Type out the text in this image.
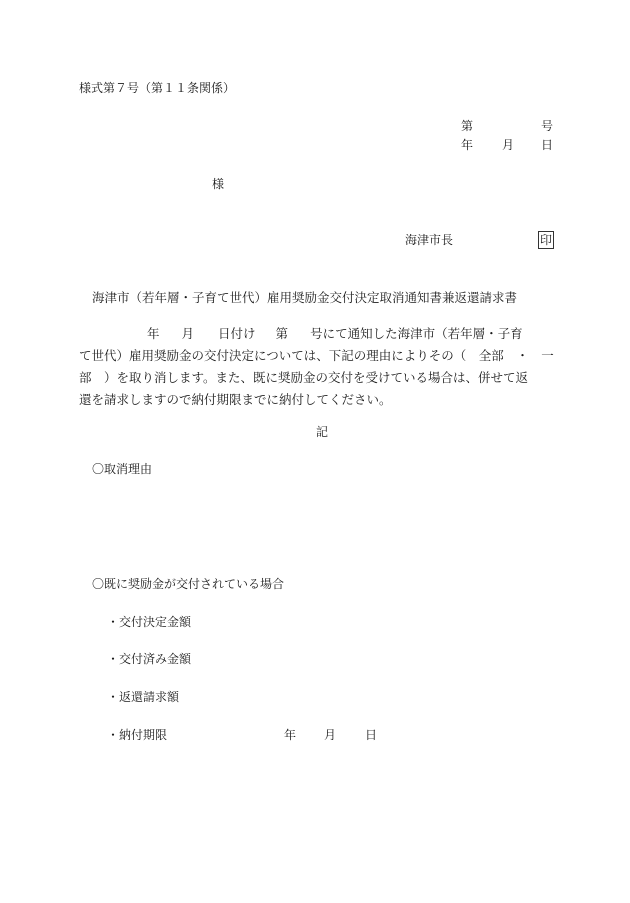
様式第７号（第１１条関係）
第	号
年 月 日
様
海津市長	印
海津市（若年層・子育て世代）雇用奨励金交付決定取消通知書兼返還請求書
年 月 日付け 第 号にて通知した海津市（若年層・子育
て世代）雇用奨励金の交付決定については、下記の理由によりその（　全部　・　一
部　）を取り消します。また、既に奨励金の交付を受けている場合は、併せて返
還を請求しますので納付期限までに納付してください。
記
〇取消理由
〇既に奨励金が交付されている場合
・交付決定金額
・交付済み金額
・返還請求額
・納付期限	年 月 日
